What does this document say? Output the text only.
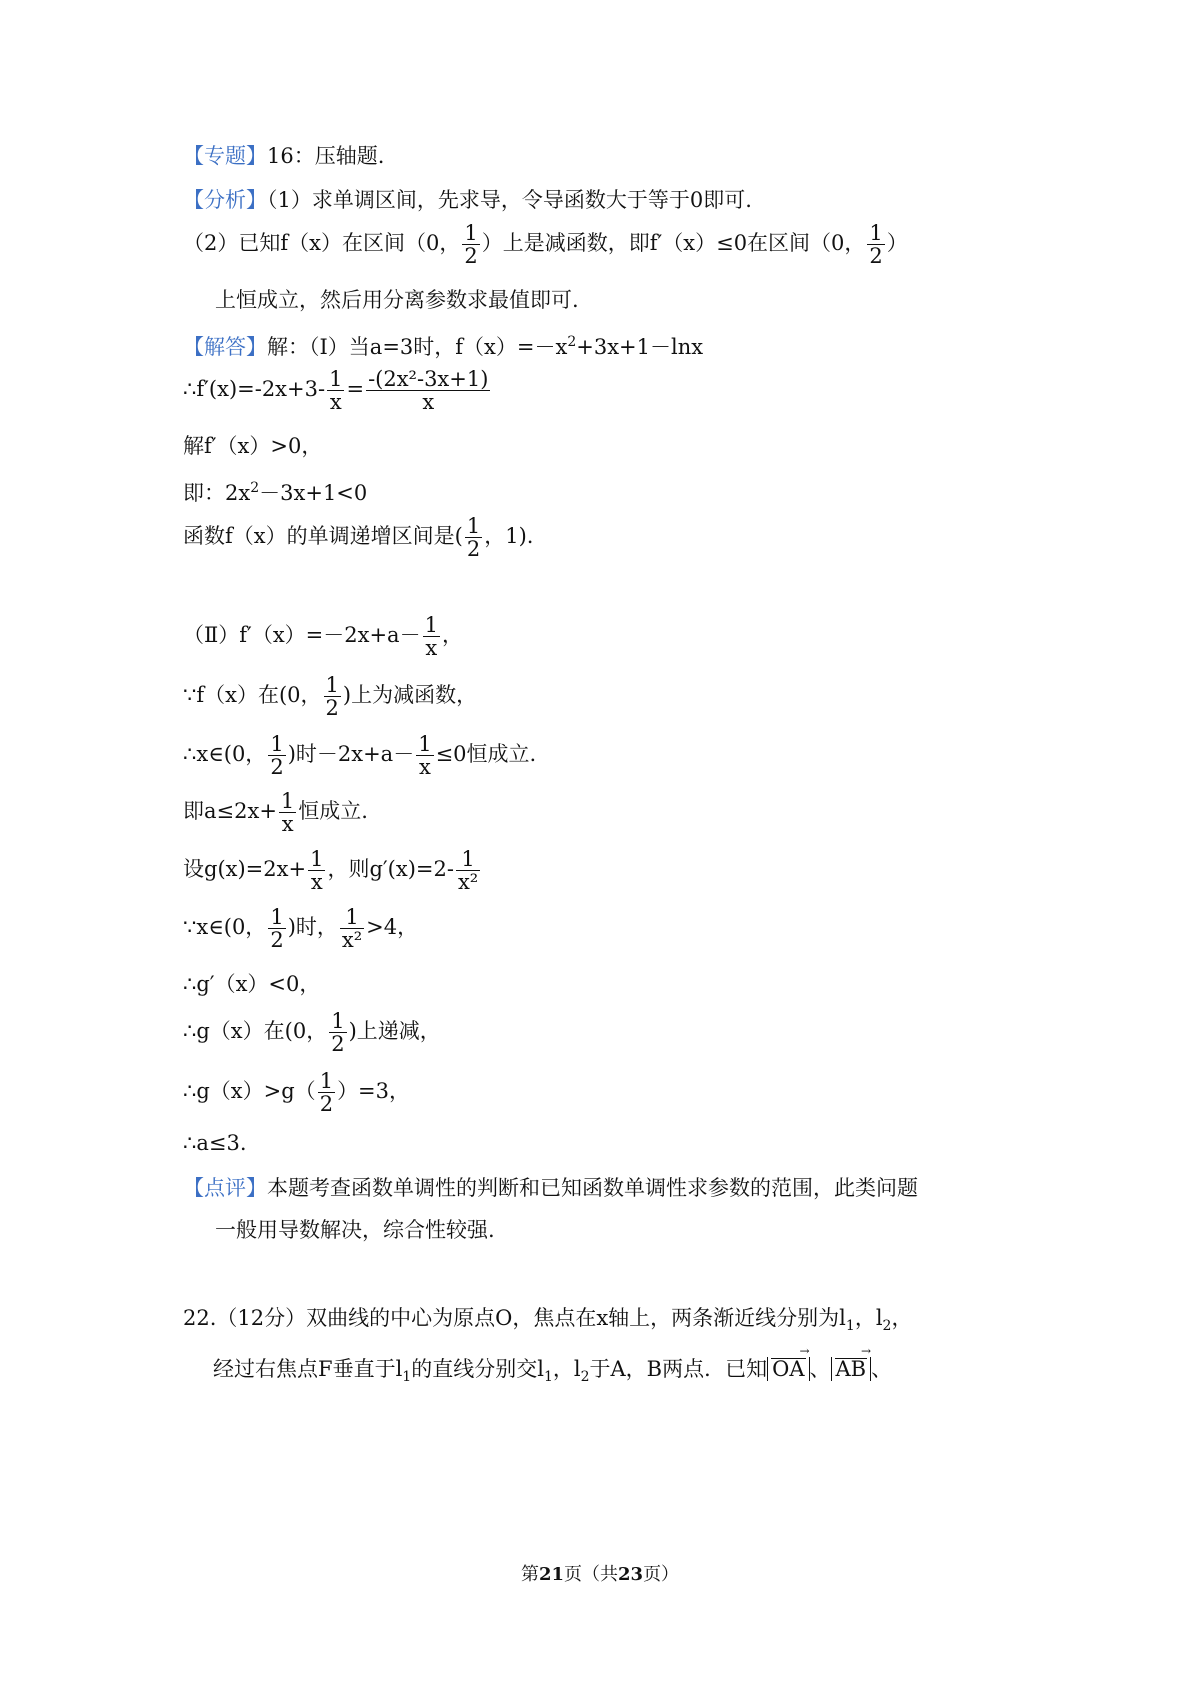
【专题】16：压轴题.
【分析】（1）求单调区间，先求导，令导函数大于等于0即可.
（2）已知f（x）在区间（0， $\frac{1}{2}$ ）上是减函数，即f′（x）≤0在区间（0， $\frac{1}{2}$ ）
上恒成立，然后用分离参数求最值即可.
【解答】解：（Ⅰ）当a=3时，$f(x)=-x^2+3x+1-\ln x$
∴f′(x)=-2x+3- $\frac{1}{x} = \frac{\text{-(2x²-3x+1)}}{x}$
解f′（x）>0，
即：$2x^2-3x+1<0$
函数f（x）的单调递增区间是( $\frac{1}{2}$ ，1).
（Ⅱ）f′（x）=－2x+a－ $\frac{1}{x}$ ，
∵f（x）在(0， $\frac{1}{2}$ )上为减函数，
∴x∈(0， $\frac{1}{2}$ )时$-2x+a- \frac{1}{x} \le 0$恒成立.
即$a\le 2x+ \frac{1}{x}$ 恒成立.
设$g(x)=2x+ \frac{1}{x}$ ，则$g'(x)=2- \frac{1}{\text{x²}}$
∵x∈(0， $\frac{1}{2}$ )时， $\frac{1}{\text{x²}} >4$，
∴g′（x）<0，
∴g（x）在(0， $\frac{1}{2}$ )上递减，
∴g（x）>g（ $\frac{1}{2} )=3$，
∴a≤3.
【点评】本题考查函数单调性的判断和已知函数单调性求参数的范围，此类问题
一般用导数解决，综合性较强.
22.（12分）双曲线的中心为原点O，焦点在x轴上，两条渐近线分别为$l_1$，$l_2$，
经过右焦点F垂直于$l_1$的直线分别交$l_1$，$l_2$于A，B两点．已知 OA → 、 AB → 、
第21页（共23页）
